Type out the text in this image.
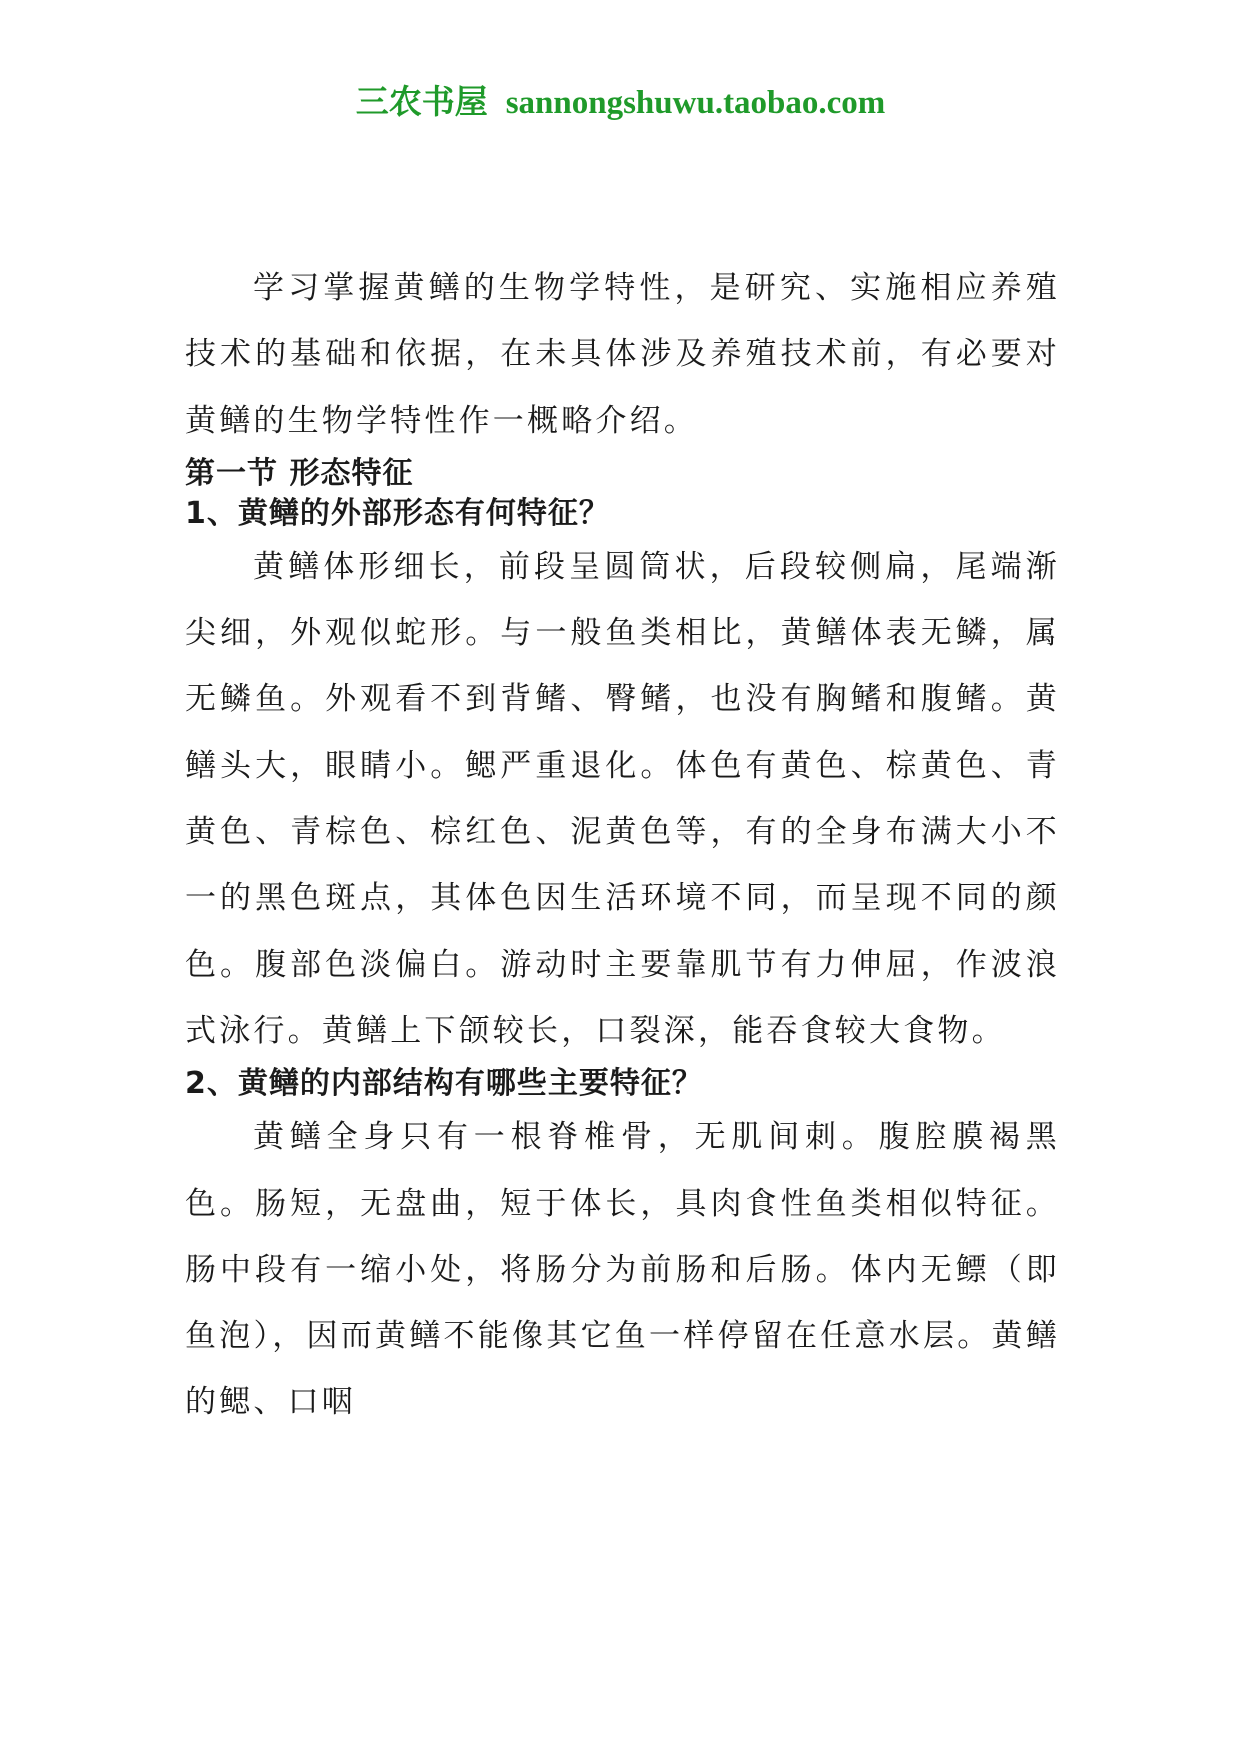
三农书屋 sannongshuwu.taobao.com

学习掌握黄鳝的生物学特性，是研究、实施相应养殖技术的基础和依据，在未具体涉及养殖技术前，有必要对黄鳝的生物学特性作一概略介绍。

第一节 形态特征
1、黄鳝的外部形态有何特征？

黄鳝体形细长，前段呈圆筒状，后段较侧扁，尾端渐尖细，外观似蛇形。与一般鱼类相比，黄鳝体表无鳞，属无鳞鱼。外观看不到背鳍、臀鳍，也没有胸鳍和腹鳍。黄鳝头大，眼睛小。鳃严重退化。体色有黄色、棕黄色、青黄色、青棕色、棕红色、泥黄色等，有的全身布满大小不一的黑色斑点，其体色因生活环境不同，而呈现不同的颜色。腹部色淡偏白。游动时主要靠肌节有力伸屈，作波浪式泳行。黄鳝上下颌较长，口裂深，能吞食较大食物。

2、黄鳝的内部结构有哪些主要特征？

黄鳝全身只有一根脊椎骨，无肌间刺。腹腔膜褐黑色。肠短，无盘曲，短于体长，具肉食性鱼类相似特征。肠中段有一缩小处，将肠分为前肠和后肠。体内无鳔（即鱼泡），因而黄鳝不能像其它鱼一样停留在任意水层。黄鳝的鳃、口咽
